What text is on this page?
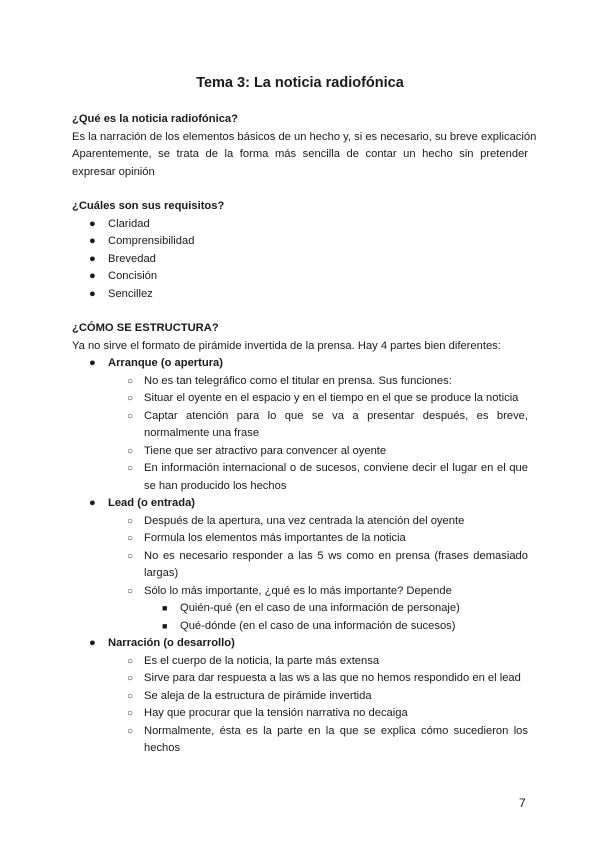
Tema 3: La noticia radiofónica
¿Qué es la noticia radiofónica?
Es la narración de los elementos básicos de un hecho y, si es necesario, su breve explicación
Aparentemente, se trata de la forma más sencilla de contar un hecho sin pretender expresar opinión
¿Cuáles son sus requisitos?
● Claridad
● Comprensibilidad
● Brevedad
● Concisión
● Sencillez
¿CÓMO SE ESTRUCTURA?
Ya no sirve el formato de pirámide invertida de la prensa. Hay 4 partes bien diferentes:
● Arranque (o apertura)
○ No es tan telegráfico como el titular en prensa. Sus funciones:
○ Situar el oyente en el espacio y en el tiempo en el que se produce la noticia
○ Captar atención para lo que se va a presentar después, es breve, normalmente una frase
○ Tiene que ser atractivo para convencer al oyente
○ En información internacional o de sucesos, conviene decir el lugar en el que se han producido los hechos
● Lead (o entrada)
○ Después de la apertura, una vez centrada la atención del oyente
○ Formula los elementos más importantes de la noticia
○ No es necesario responder a las 5 ws como en prensa (frases demasiado largas)
○ Sólo lo más importante, ¿qué es lo más importante? Depende
■ Quién-qué (en el caso de una información de personaje)
■ Qué-dónde (en el caso de una información de sucesos)
● Narración (o desarrollo)
○ Es el cuerpo de la noticia, la parte más extensa
○ Sirve para dar respuesta a las ws a las que no hemos respondido en el lead
○ Se aleja de la estructura de pirámide invertida
○ Hay que procurar que la tensión narrativa no decaiga
○ Normalmente, ésta es la parte en la que se explica cómo sucedieron los hechos
7
